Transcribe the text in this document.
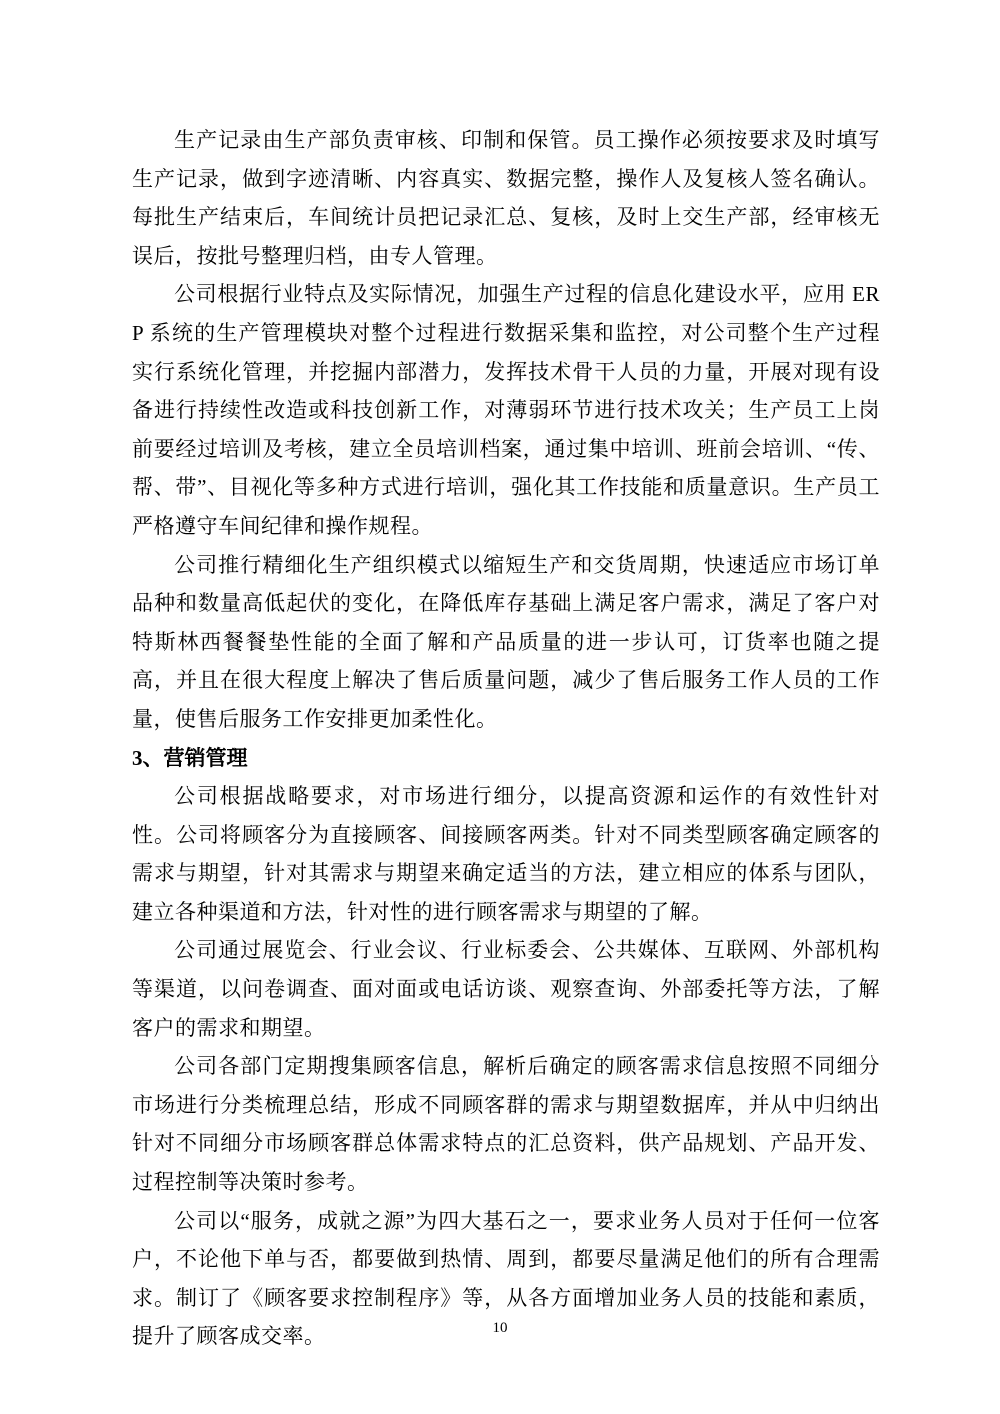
生产记录由生产部负责审核、印制和保管。员工操作必须按要求及时填写生产记录，做到字迹清晰、内容真实、数据完整，操作人及复核人签名确认。每批生产结束后，车间统计员把记录汇总、复核，及时上交生产部，经审核无误后，按批号整理归档，由专人管理。

公司根据行业特点及实际情况，加强生产过程的信息化建设水平，应用 ERP 系统的生产管理模块对整个过程进行数据采集和监控，对公司整个生产过程实行系统化管理，并挖掘内部潜力，发挥技术骨干人员的力量，开展对现有设备进行持续性改造或科技创新工作，对薄弱环节进行技术攻关；生产员工上岗前要经过培训及考核，建立全员培训档案，通过集中培训、班前会培训、“传、帮、带”、目视化等多种方式进行培训，强化其工作技能和质量意识。生产员工严格遵守车间纪律和操作规程。

公司推行精细化生产组织模式以缩短生产和交货周期，快速适应市场订单品种和数量高低起伏的变化，在降低库存基础上满足客户需求，满足了客户对特斯林西餐餐垫性能的全面了解和产品质量的进一步认可，订货率也随之提高，并且在很大程度上解决了售后质量问题，减少了售后服务工作人员的工作量，使售后服务工作安排更加柔性化。

3、营销管理

公司根据战略要求，对市场进行细分，以提高资源和运作的有效性针对性。公司将顾客分为直接顾客、间接顾客两类。针对不同类型顾客确定顾客的需求与期望，针对其需求与期望来确定适当的方法，建立相应的体系与团队，建立各种渠道和方法，针对性的进行顾客需求与期望的了解。

公司通过展览会、行业会议、行业标委会、公共媒体、互联网、外部机构等渠道，以问卷调查、面对面或电话访谈、观察查询、外部委托等方法，了解客户的需求和期望。

公司各部门定期搜集顾客信息，解析后确定的顾客需求信息按照不同细分市场进行分类梳理总结，形成不同顾客群的需求与期望数据库，并从中归纳出针对不同细分市场顾客群总体需求特点的汇总资料，供产品规划、产品开发、过程控制等决策时参考。

公司以“服务，成就之源”为四大基石之一，要求业务人员对于任何一位客户，不论他下单与否，都要做到热情、周到，都要尽量满足他们的所有合理需求。制订了《顾客要求控制程序》等，从各方面增加业务人员的技能和素质，提升了顾客成交率。	10
